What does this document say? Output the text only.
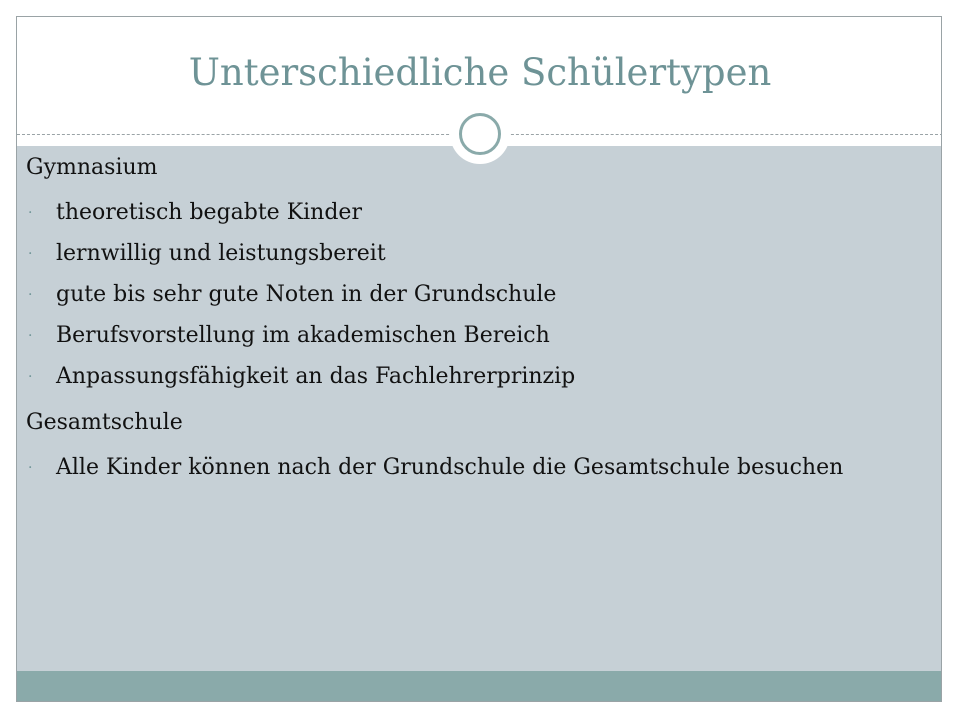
Unterschiedliche Schülertypen
Gymnasium
· theoretisch begabte Kinder
· lernwillig und leistungsbereit
· gute bis sehr gute Noten in der Grundschule
· Berufsvorstellung im akademischen Bereich
· Anpassungsfähigkeit an das Fachlehrerprinzip
Gesamtschule
· Alle Kinder können nach der Grundschule die Gesamtschule besuchen
